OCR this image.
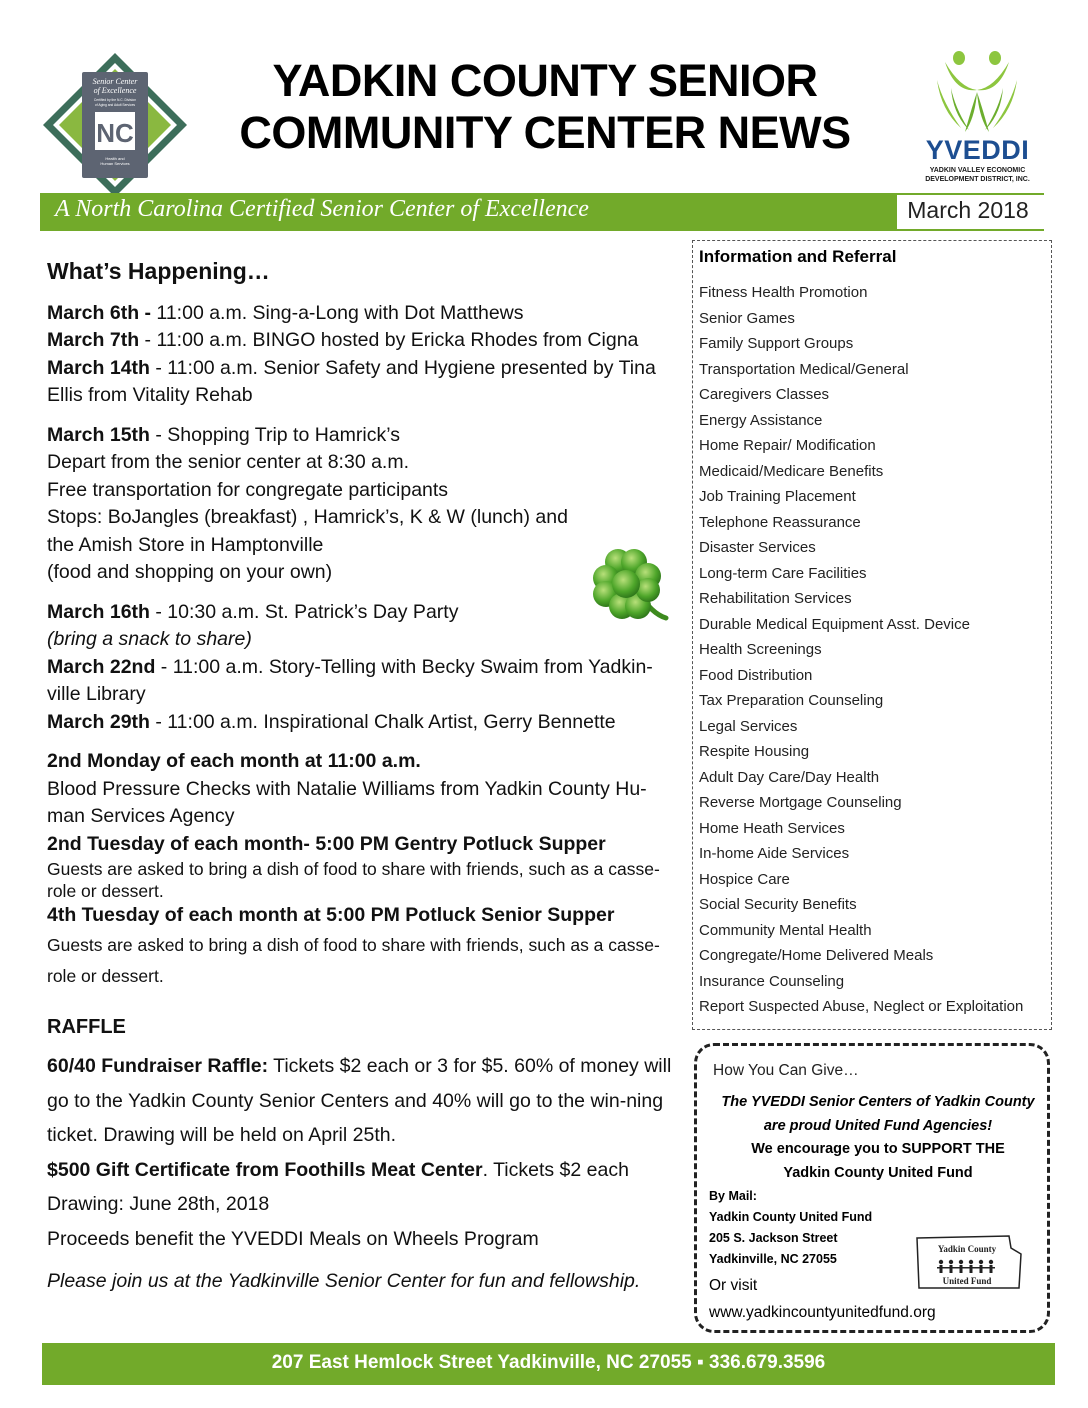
Senior Center
of Excellence
Certified by the N.C. Division
of Aging and Adult Services
NC
Health and
Human Services
YADKIN COUNTY SENIOR
COMMUNITY CENTER NEWS	YVEDDI
YADKIN VALLEY ECONOMIC DEVELOPMENT DISTRICT, INC.
A North Carolina Certified Senior Center of Excellence	March 2018
What’s Happening…
March 6th - 11:00 a.m. Sing-a-Long with Dot Matthews
March 7th - 11:00 a.m. BINGO hosted by Ericka Rhodes from Cigna
March 14th - 11:00 a.m. Senior Safety and Hygiene presented by Tina Ellis from Vitality Rehab
March 15th - Shopping Trip to Hamrick’s
Depart from the senior center at 8:30 a.m.
Free transportation for congregate participants
Stops: BoJangles (breakfast) , Hamrick’s, K & W (lunch) and
the Amish Store in Hamptonville
(food and shopping on your own)
March 16th - 10:30 a.m. St. Patrick’s Day Party
(bring a snack to share)
March 22nd - 11:00 a.m. Story-Telling with Becky Swaim from Yadkin-ville Library
March 29th - 11:00 a.m. Inspirational Chalk Artist, Gerry Bennette
2nd Monday of each month at 11:00 a.m.
Blood Pressure Checks with Natalie Williams from Yadkin County Hu-man Services Agency
2nd Tuesday of each month- 5:00 PM Gentry Potluck Supper
Guests are asked to bring a dish of food to share with friends, such as a casse-role or dessert.
4th Tuesday of each month at 5:00 PM Potluck Senior Supper
Guests are asked to bring a dish of food to share with friends, such as a casse-role or dessert.
RAFFLE

60/40 Fundraiser Raffle: Tickets $2 each or 3 for $5. 60% of money will go to the Yadkin County Senior Centers and 40% will go to the win-ning ticket. Drawing will be held on April 25th.

$500 Gift Certificate from Foothills Meat Center. Tickets $2 each

Drawing: June 28th, 2018

Proceeds benefit the YVEDDI Meals on Wheels Program

Please join us at the Yadkinville Senior Center for fun and fellowship.
Information and Referral
Fitness Health Promotion
Senior Games
Family Support Groups
Transportation Medical/General
Caregivers Classes
Energy Assistance
Home Repair/ Modification
Medicaid/Medicare Benefits
Job Training Placement
Telephone Reassurance
Disaster Services
Long-term Care Facilities
Rehabilitation Services
Durable Medical Equipment Asst. Device
Health Screenings
Food Distribution
Tax Preparation Counseling
Legal Services
Respite Housing
Adult Day Care/Day Health
Reverse Mortgage Counseling
Home Heath Services
In-home Aide Services
Hospice Care
Social Security Benefits
Community Mental Health
Congregate/Home Delivered Meals
Insurance Counseling
Report Suspected Abuse, Neglect or Exploitation
How You Can Give…
The YVEDDI Senior Centers of Yadkin County
are proud United Fund Agencies!
We encourage you to SUPPORT THE
Yadkin County United Fund
By Mail:
Yadkin County United Fund
205 S. Jackson Street
Yadkinville, NC 27055
Or visit
www.yadkincountyunitedfund.org
Yadkin County
United Fund
207 East Hemlock Street Yadkinville, NC 27055 ▪ 336.679.3596
